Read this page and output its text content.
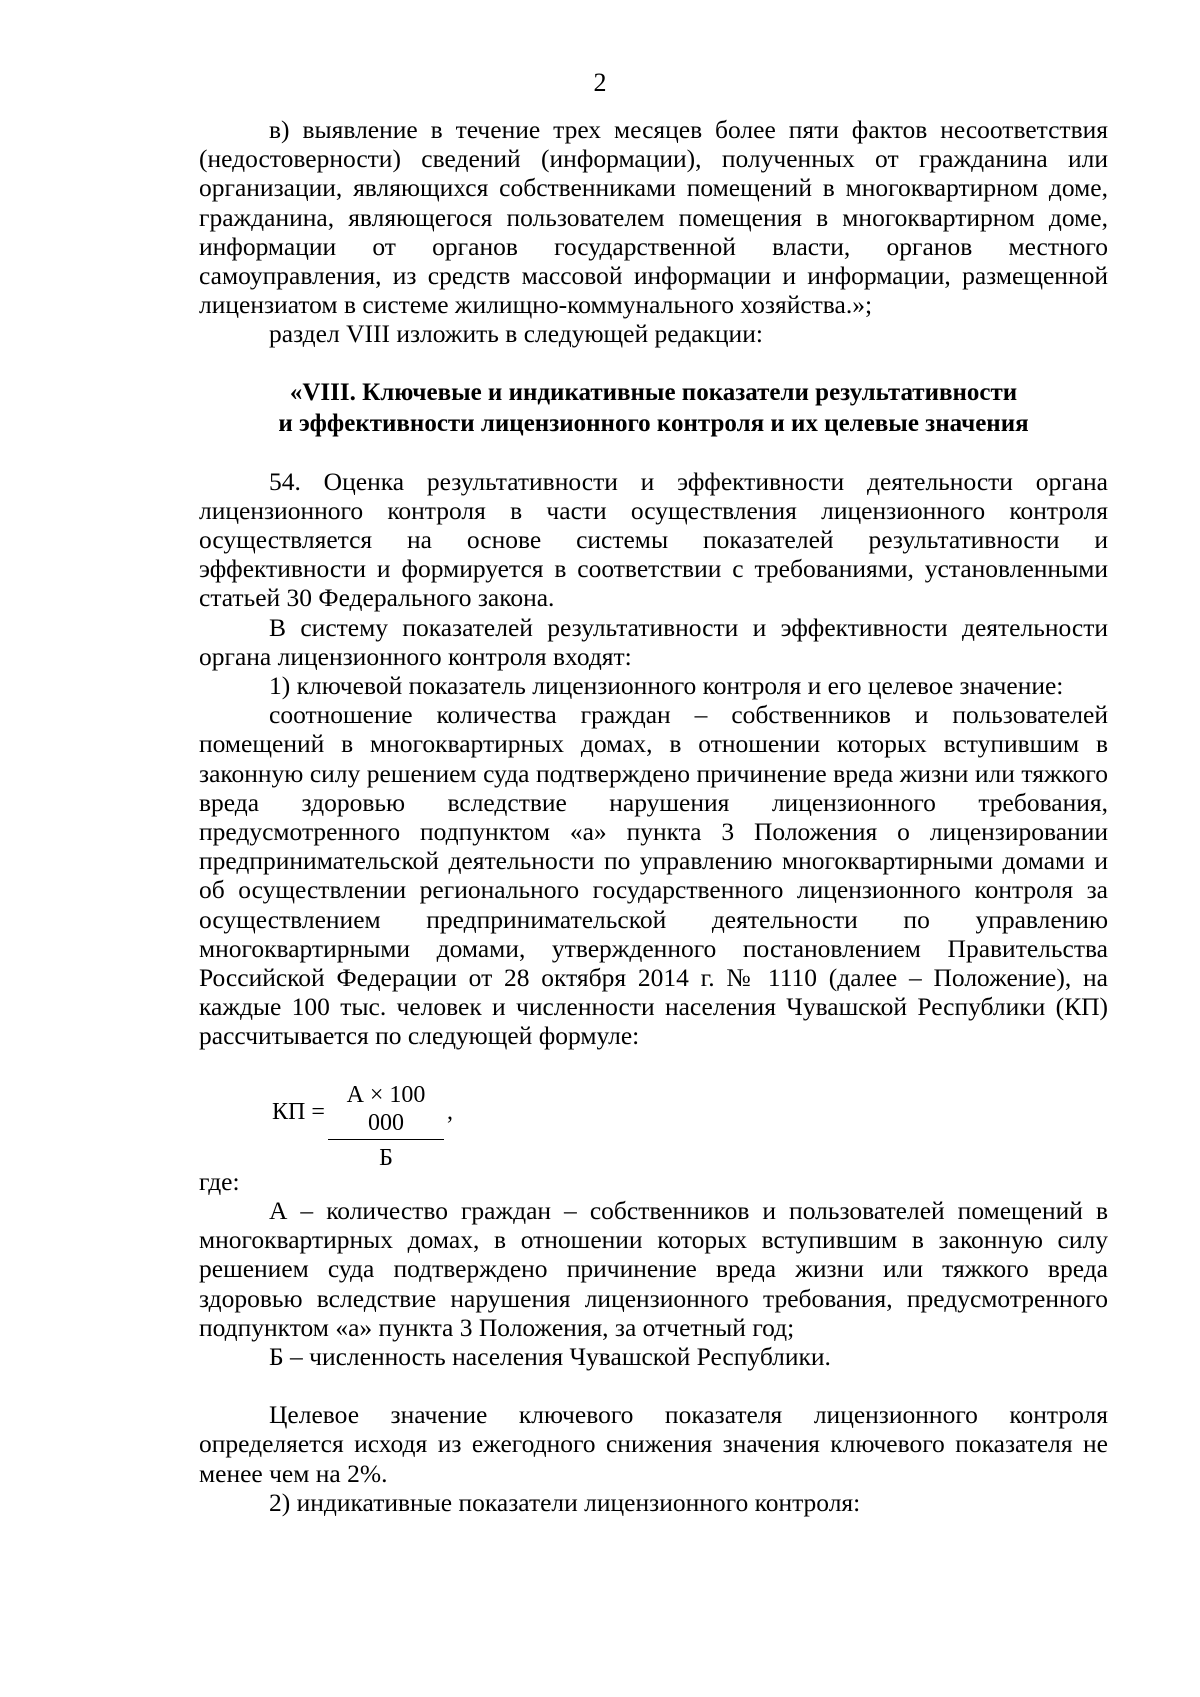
2

в) выявление в течение трех месяцев более пяти фактов несоответствия (недостоверности) сведений (информации), полученных от гражданина или организации, являющихся собственниками помещений в многоквартирном доме, гражданина, являющегося пользователем помещения в многоквартирном доме, информации от органов государственной власти, органов местного самоуправления, из средств массовой информации и информации, размещенной лицензиатом в системе жилищно-коммунального хозяйства.»;

раздел VIII изложить в следующей редакции:

«VIII. Ключевые и индикативные показатели результативности

и эффективности лицензионного контроля и их целевые значения

54. Оценка результативности и эффективности деятельности органа лицензионного контроля в части осуществления лицензионного контроля осуществляется на основе системы показателей результативности и эффективности и формируется в соответствии с требованиями, установленными статьей 30 Федерального закона.

В систему показателей результативности и эффективности деятельности органа лицензионного контроля входят:

1) ключевой показатель лицензионного контроля и его целевое значение:

соотношение количества граждан – собственников и пользователей помещений в многоквартирных домах, в отношении которых вступившим в законную силу решением суда подтверждено причинение вреда жизни или тяжкого вреда здоровью вследствие нарушения лицензионного требования, предусмотренного подпунктом «а» пункта 3 Положения о лицензировании предпринимательской деятельности по управлению многоквартирными домами и об осуществлении регионального государственного лицензионного контроля за осуществлением предпринимательской деятельности по управлению многоквартирными домами, утвержденного постановлением Правительства Российской Федерации от 28 октября 2014 г. № 1110 (далее – Положение), на каждые 100 тыс. человек и численности населения Чувашской Республики (КП) рассчитывается по следующей формуле:

КП =
А × 100 000
Б
,

где:

А – количество граждан – собственников и пользователей помещений в многоквартирных домах, в отношении которых вступившим в законную силу решением суда подтверждено причинение вреда жизни или тяжкого вреда здоровью вследствие нарушения лицензионного требования, предусмотренного подпунктом «а» пункта 3 Положения, за отчетный год;

Б – численность населения Чувашской Республики.

Целевое значение ключевого показателя лицензионного контроля определяется исходя из ежегодного снижения значения ключевого показателя не менее чем на 2%.

2) индикативные показатели лицензионного контроля:
